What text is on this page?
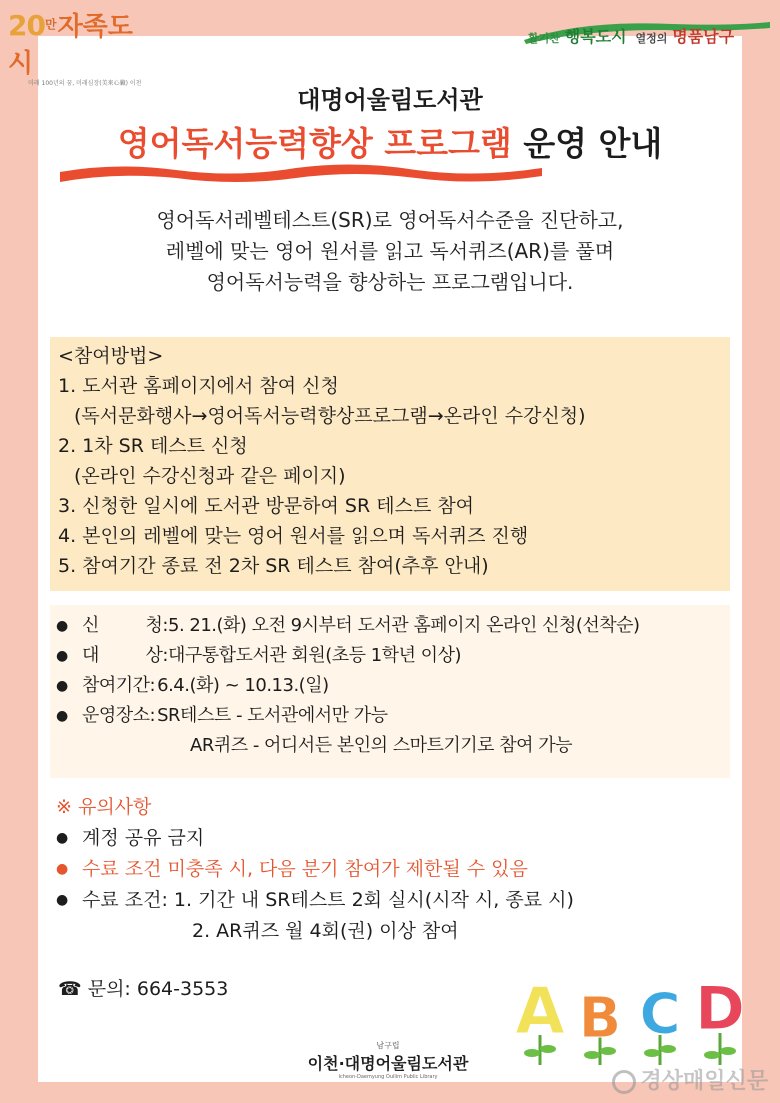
$20^만$자족도시
미래 100년의 꿈, 미래심장(美來心臟) 이천
활기찬 행복도시 열정의 명품남구
대명어울림도서관
영어독서능력향상 프로그램 운영 안내
영어독서레벨테스트(SR)로 영어독서수준을 진단하고,
레벨에 맞는 영어 원서를 읽고 독서퀴즈(AR)를 풀며
영어독서능력을 향상하는 프로그램입니다.
<참여방법>
1. 도서관 홈페이지에서 참여 신청
(독서문화행사→영어독서능력향상프로그램→온라인 수강신청)
2. 1차 SR 테스트 신청
(온라인 수강신청과 같은 페이지)
3. 신청한 일시에 도서관 방문하여 SR 테스트 참여
4. 본인의 레벨에 맞는 영어 원서를 읽으며 독서퀴즈 진행
5. 참여기간 종료 전 2차 SR 테스트 참여(추후 안내)
● 신	청: 5. 21.(화) 오전 9시부터 도서관 홈페이지 온라인 신청(선착순)
● 대	상: 대구통합도서관 회원(초등 1학년 이상)
● 참여기간: 6.4.(화) ~ 10.13.(일)
● 운영장소: SR테스트 - 도서관에서만 가능
AR퀴즈 - 어디서든 본인의 스마트기기로 참여 가능
※ 유의사항
● 계정 공유 금지
● 수료 조건 미충족 시, 다음 분기 참여가 제한될 수 있음
● 수료 조건: 1. 기간 내 SR테스트 2회 실시(시작 시, 종료 시)
2. AR퀴즈 월 4회(권) 이상 참여
☎ 문의: 664-3553	A B C D
남구립
이천·대명어울림도서관
Icheon-Daemyung Oullim Public Library	경상매일신문
